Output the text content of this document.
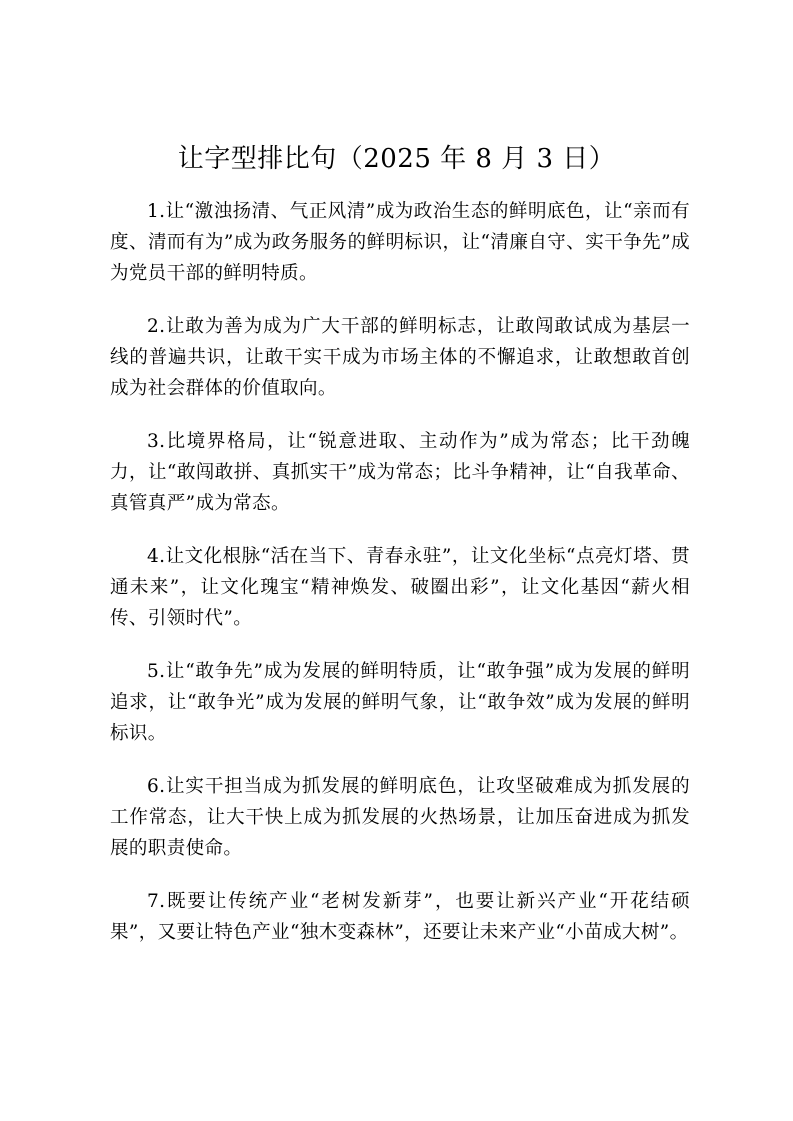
让字型排比句（2025 年 8 月 3 日）

1.让“激浊扬清、气正风清”成为政治生态的鲜明底色，让“亲而有度、清而有为”成为政务服务的鲜明标识，让“清廉自守、实干争先”成为党员干部的鲜明特质。

2.让敢为善为成为广大干部的鲜明标志，让敢闯敢试成为基层一线的普遍共识，让敢干实干成为市场主体的不懈追求，让敢想敢首创成为社会群体的价值取向。

3.比境界格局，让“锐意进取、主动作为”成为常态；比干劲魄力，让“敢闯敢拼、真抓实干”成为常态；比斗争精神，让“自我革命、真管真严”成为常态。

4.让文化根脉“活在当下、青春永驻”，让文化坐标“点亮灯塔、贯通未来”，让文化瑰宝“精神焕发、破圈出彩”，让文化基因“薪火相传、引领时代”。

5.让“敢争先”成为发展的鲜明特质，让“敢争强”成为发展的鲜明追求，让“敢争光”成为发展的鲜明气象，让“敢争效”成为发展的鲜明标识。

6.让实干担当成为抓发展的鲜明底色，让攻坚破难成为抓发展的工作常态，让大干快上成为抓发展的火热场景，让加压奋进成为抓发展的职责使命。

7.既要让传统产业“老树发新芽”，也要让新兴产业“开花结硕果”，又要让特色产业“独木变森林”，还要让未来产业“小苗成大树”。
